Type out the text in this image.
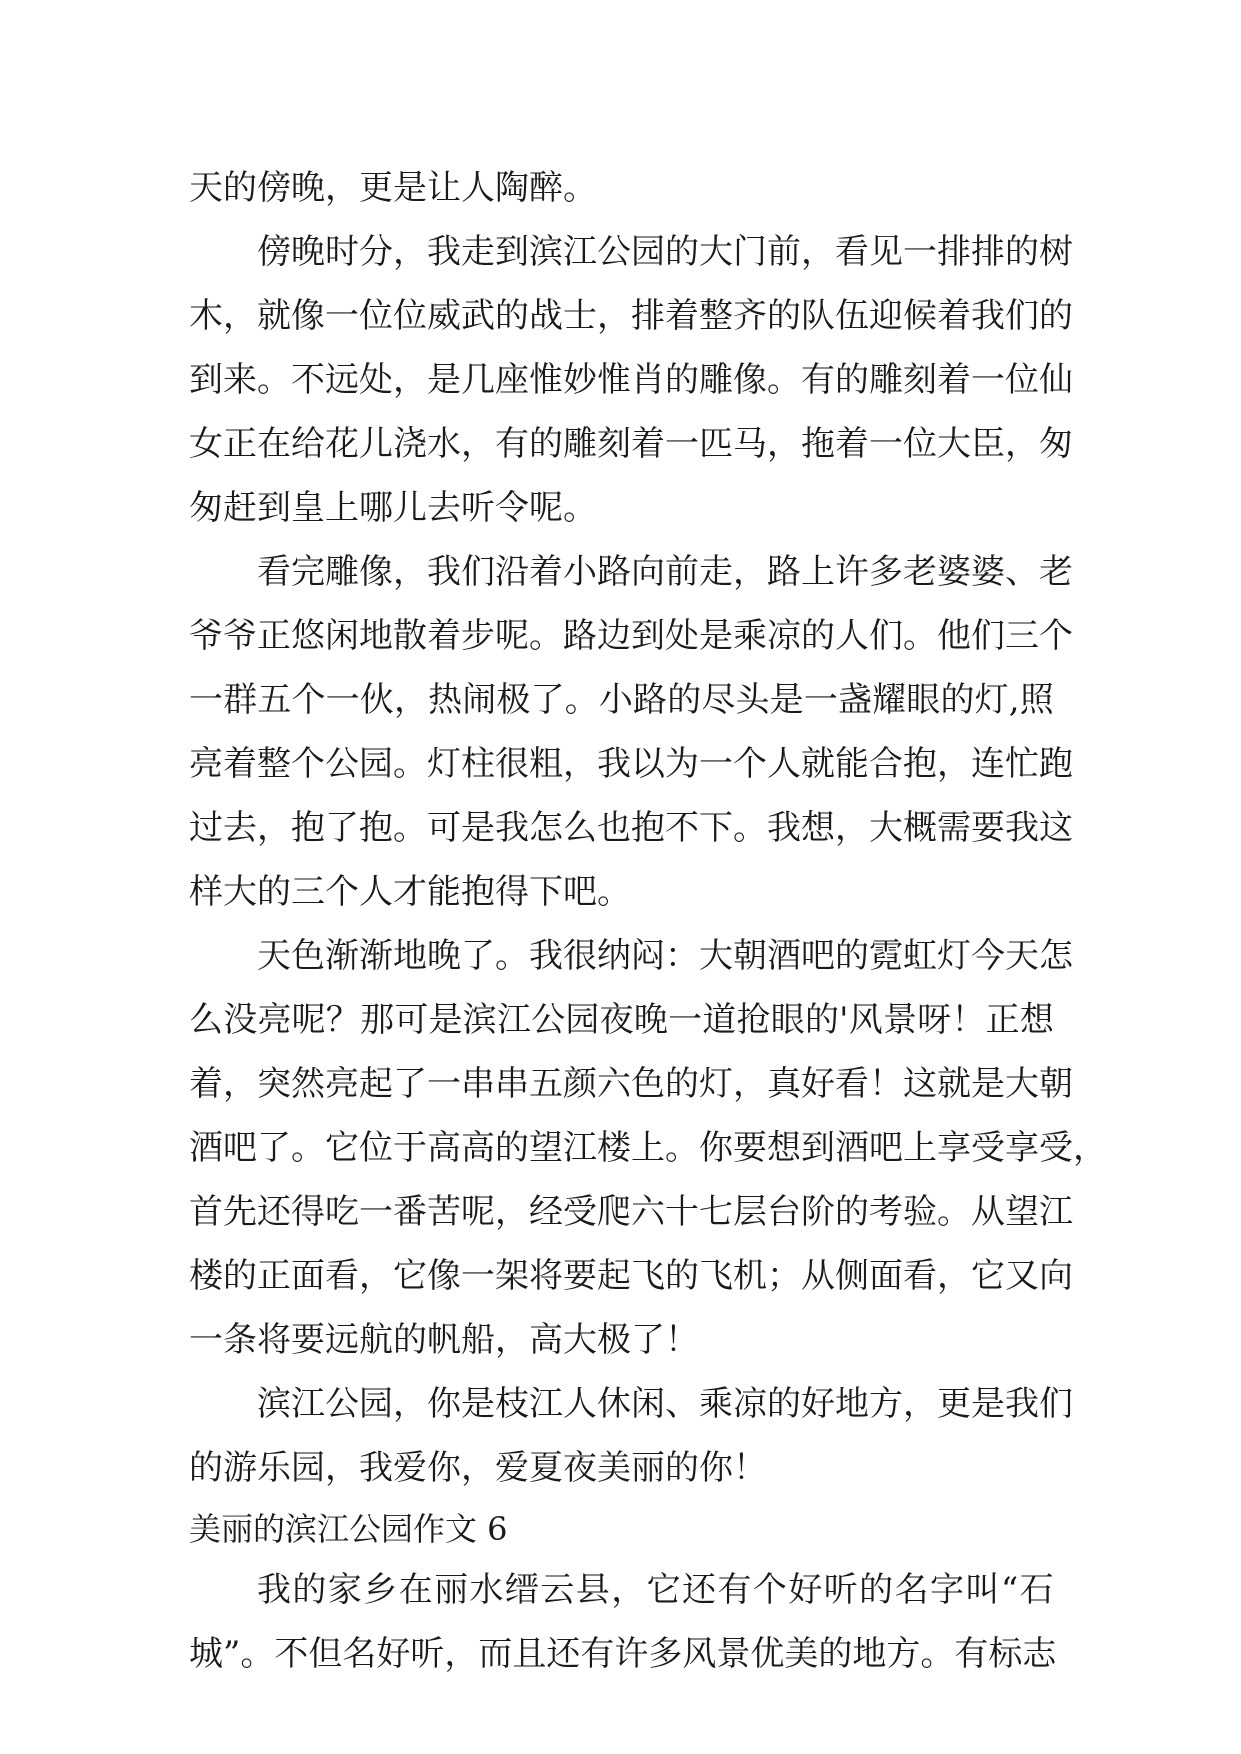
天的傍晚，更是让人陶醉。
傍 晚 时 分 ， 我 走 到 滨 江 公 园 的 大 门 前 ， 看 见 一 排 排 的 树
木 ， 就 像 一 位 位 威 武 的 战 士 ， 排 着 整 齐 的 队 伍 迎 候 着 我 们 的
到 来 。 不 远 处 ， 是 几 座 惟 妙 惟 肖 的 雕 像 。 有 的 雕 刻 着 一 位 仙
女 正 在 给 花 儿 浇 水 ， 有 的 雕 刻 着 一 匹 马 ， 拖 着 一 位 大 臣 ， 匆
匆赶到皇上哪儿去听令呢。
看 完 雕 像 ， 我 们 沿 着 小 路 向 前 走 ， 路 上 许 多 老 婆 婆 、 老
爷 爷 正 悠 闲 地 散 着 步 呢 。 路 边 到 处 是 乘 凉 的 人 们 。 他 们 三 个
一 群 五 个 一 伙 ， 热 闹 极 了 。 小 路 的 尽 头 是 一 盏 耀 眼 的 灯 , 照
亮 着 整 个 公 园 。 灯 柱 很 粗 ， 我 以 为 一 个 人 就 能 合 抱 ， 连 忙 跑
过 去 ， 抱 了 抱 。 可 是 我 怎 么 也 抱 不 下 。 我 想 ， 大 概 需 要 我 这
样大的三个人才能抱得下吧。
天 色 渐 渐 地 晚 了 。 我 很 纳 闷 ： 大 朝 酒 吧 的 霓 虹 灯 今 天 怎
么 没 亮 呢 ？ 那 可 是 滨 江 公 园 夜 晚 一 道 抢 眼 的 ' 风 景 呀 ！ 正 想
着 ， 突 然 亮 起 了 一 串 串 五 颜 六 色 的 灯 ， 真 好 看 ！ 这 就 是 大 朝
酒 吧 了 。 它 位 于 高 高 的 望 江 楼 上 。 你 要 想 到 酒 吧 上 享 受 享 受 ，
首 先 还 得 吃 一 番 苦 呢 ， 经 受 爬 六 十 七 层 台 阶 的 考 验 。 从 望 江
楼 的 正 面 看 ， 它 像 一 架 将 要 起 飞 的 飞 机 ； 从 侧 面 看 ， 它 又 向
一条将要远航的帆船，高大极了！
滨 江 公 园 ， 你 是 枝 江 人 休 闲 、 乘 凉 的 好 地 方 ， 更 是 我 们
的游乐园，我爱你，爱夏夜美丽的你！
美丽的滨江公园作文 6
我 的 家 乡 在 丽 水 缙 云 县 ， 它 还 有 个 好 听 的 名 字 叫 “ 石
城 ” 。 不 但 名 好 听 ， 而 且 还 有 许 多 风 景 优 美 的 地 方 。 有 标 志
